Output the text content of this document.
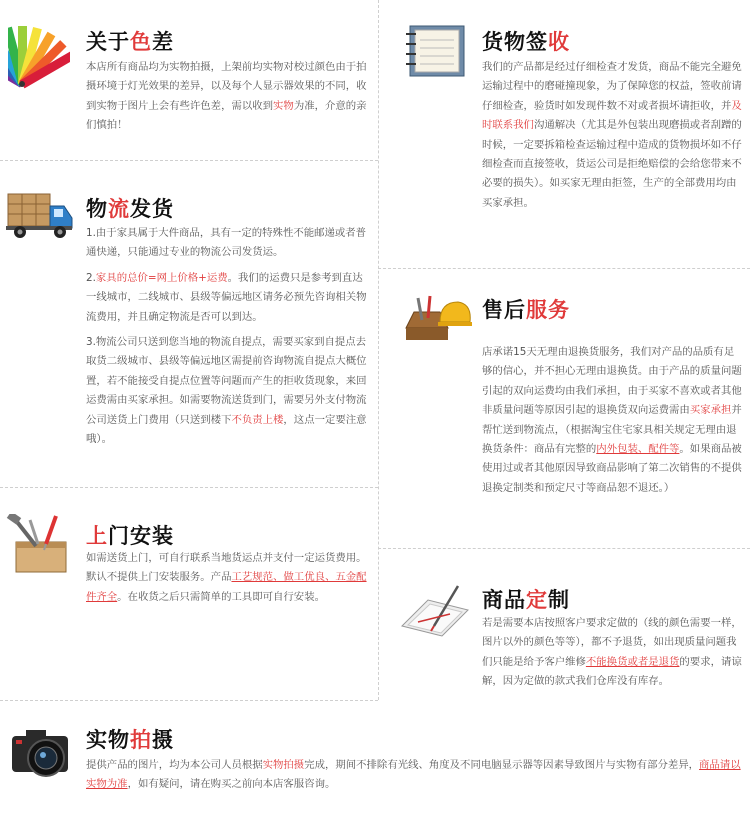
关于色差

本店所有商品均为实物拍摄，上架前均实物对校过颜色由于拍摄环境于灯光效果的差异，以及每个人显示器效果的不同，收到实物于图片上会有些许色差，需以收到实物为准，介意的亲们慎拍！

物流发货

1.由于家具属于大件商品，具有一定的特殊性不能邮递或者普通快递，只能通过专业的物流公司发货运。

2.家具的总价=网上价格+运费。我们的运费只是参考到直达一线城市，二线城市、县级等偏远地区请务必预先咨询相关物流费用，并且确定物流是否可以到达。

3.物流公司只送到您当地的物流自提点，需要买家到自提点去取货二级城市、县级等偏远地区需提前咨询物流自提点大概位置，若不能接受自提点位置等问题而产生的拒收货现象，来回运费需由买家承担。如需要物流送货到门，需要另外支付物流公司送货上门费用（只送到楼下不负责上楼，这点一定要注意哦）。

上门安装

如需送货上门，可自行联系当地货运点并支付一定运货费用。默认不提供上门安装服务。产品工艺规范、做工优良、五金配件齐全。在收货之后只需简单的工具即可自行安装。

货物签收

我们的产品都是经过仔细检查才发货，商品不能完全避免运输过程中的磨碰撞现象，为了保障您的权益，签收前请仔细检查，验货时如发现件数不对或者损坏请拒收，并及时联系我们沟通解决（尤其是外包装出现磨损或者刮蹭的时候，一定要拆箱检查运输过程中造成的货物损坏如不仔细检查而直接签收，货运公司是拒绝赔偿的会给您带来不必要的损失）。如买家无理由拒签，生产的全部费用均由买家承担。

售后服务

店承诺15天无理由退换货服务，我们对产品的品质有足够的信心，并不担心无理由退换货。由于产品的质量问题引起的双向运费均由我们承担，由于买家不喜欢或者其他非质量问题等原因引起的退换货双向运费需由买家承担并帮忙送到物流点，（根据淘宝住宅家具相关规定无理由退换货条件：商品有完整的内外包装、配件等。如果商品被使用过或者其他原因导致商品影响了第二次销售的不提供退换定制类和预定尺寸等商品恕不退还。）

商品定制

若是需要本店按照客户要求定做的（线的颜色需要一样，图片以外的颜色等等），都不予退货，如出现质量问题我们只能是给予客户维修不能换货或者是退货的要求，请谅解，因为定做的款式我们仓库没有库存。

实物拍摄

提供产品的图片，均为本公司人员根据实物拍摄完成，期间不排除有光线、角度及不同电脑显示器等因素导致图片与实物有部分差异，商品请以实物为准，如有疑问，请在购买之前向本店客服咨询。
